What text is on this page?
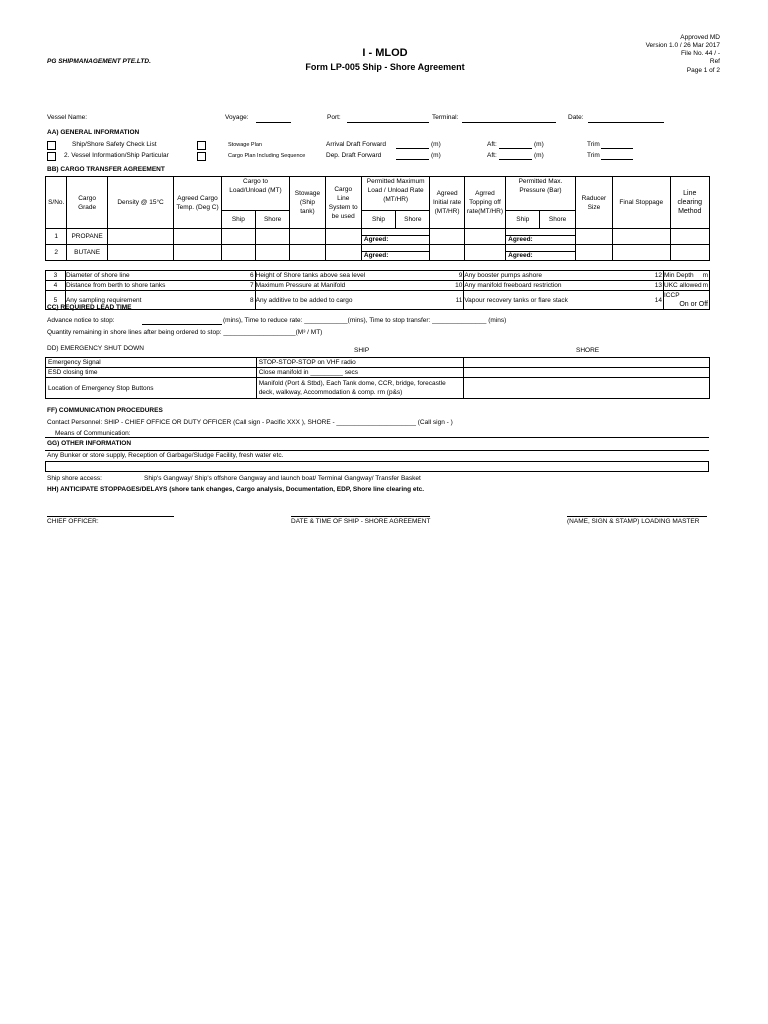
PG SHIPMANAGEMENT PTE.LTD.
I - MLOD
Form LP-005 Ship - Shore Agreement
Approved MD
Version 1.0 / 26 Mar 2017
File No. 44 / -
Ref
Page 1 of 2
Vessel Name:	Voyage:	Port:	Terminal:	Date:
AA) GENERAL INFORMATION
Ship/Shore Safety Check List
2. Vessel Information/Ship Particular
Stowage Plan
Cargo Plan Including Sequence
Arrival Draft Forward	(m)	Aft:	(m)	Trim
Dep. Draft Forward	(m)	Aft:	(m)	Trim
BB) CARGO TRANSFER AGREEMENT
S/No.	Cargo Grade	Density @ 15°C	Agreed Cargo Temp. (Deg C)	Cargo to Load/Unload (MT)		Stowage (Ship tank)	Cargo Line System to be used	Permitted Maximum Load / Unload Rate (MT/HR)		Agreed Initial rate (MT/HR)	Agrred Topping off rate(MT/HR)	Permitted Max. Pressure (Bar)		Raducer Size	Final Stoppage	Line clearing Method
				Ship	Shore			Ship	Shore			Ship	Shore			
1	PROPANE							Agreed:				Agreed:				

2	BUTANE							Agreed:				Agreed:				

3	Diameter of shore line 6	Height of Shore tanks above sea level 9	Any booster pumps ashore 12	Min Depth m

4	Distance from berth to shore tanks 7	Maximum Pressure at Manifold 10	Any manifold freeboard restriction 13	UKC allowed m

5	Any sampling requirement 8	Any additive to be added to cargo 11	Vapour recovery tanks or flare stack 14	ICCP
On or Off
CC) REQUIRED LEAD TIME
Advance notice to stop:	(mins), Time to reduce rate: ____________(mins), Time to stop transfer: _______________ (mins)
Quantity remaining in shore lines after being ordered to stop: ____________________(M³ / MT)
DD) EMERGENCY SHUT DOWN	SHIP	SHORE
Emergency Signal	STOP-STOP-STOP on VHF radio	
ESD closing time	Close manifold in _________ secs	
Location of Emergency Stop Buttons	Manifold (Port & Stbd), Each Tank dome, CCR, bridge, forecastle deck, walkway, Accommodation & comp. rm (p&s)	
FF) COMMUNICATION PROCEDURES
Contact Personnel: SHIP - CHIEF OFFICE OR DUTY OFFICER (Call sign - Pacific XXX ), SHORE - ______________________ (Call sign - )
Means of Communication:
GG) OTHER INFORMATION
Any Bunker or store supply, Reception of Garbage/Sludge Facility, fresh water etc.
Ship shore access:	Ship's Gangway/ Ship's offshore Gangway and launch boat/ Terminal Gangway/ Transfer Basket
HH) ANTICIPATE STOPPAGES/DELAYS (shore tank changes, Cargo analysis, Documentation, EDP, Shore line clearing etc.
CHIEF OFFICER:	DATE & TIME OF SHIP - SHORE AGREEMENT	(NAME, SIGN & STAMP) LOADING MASTER
